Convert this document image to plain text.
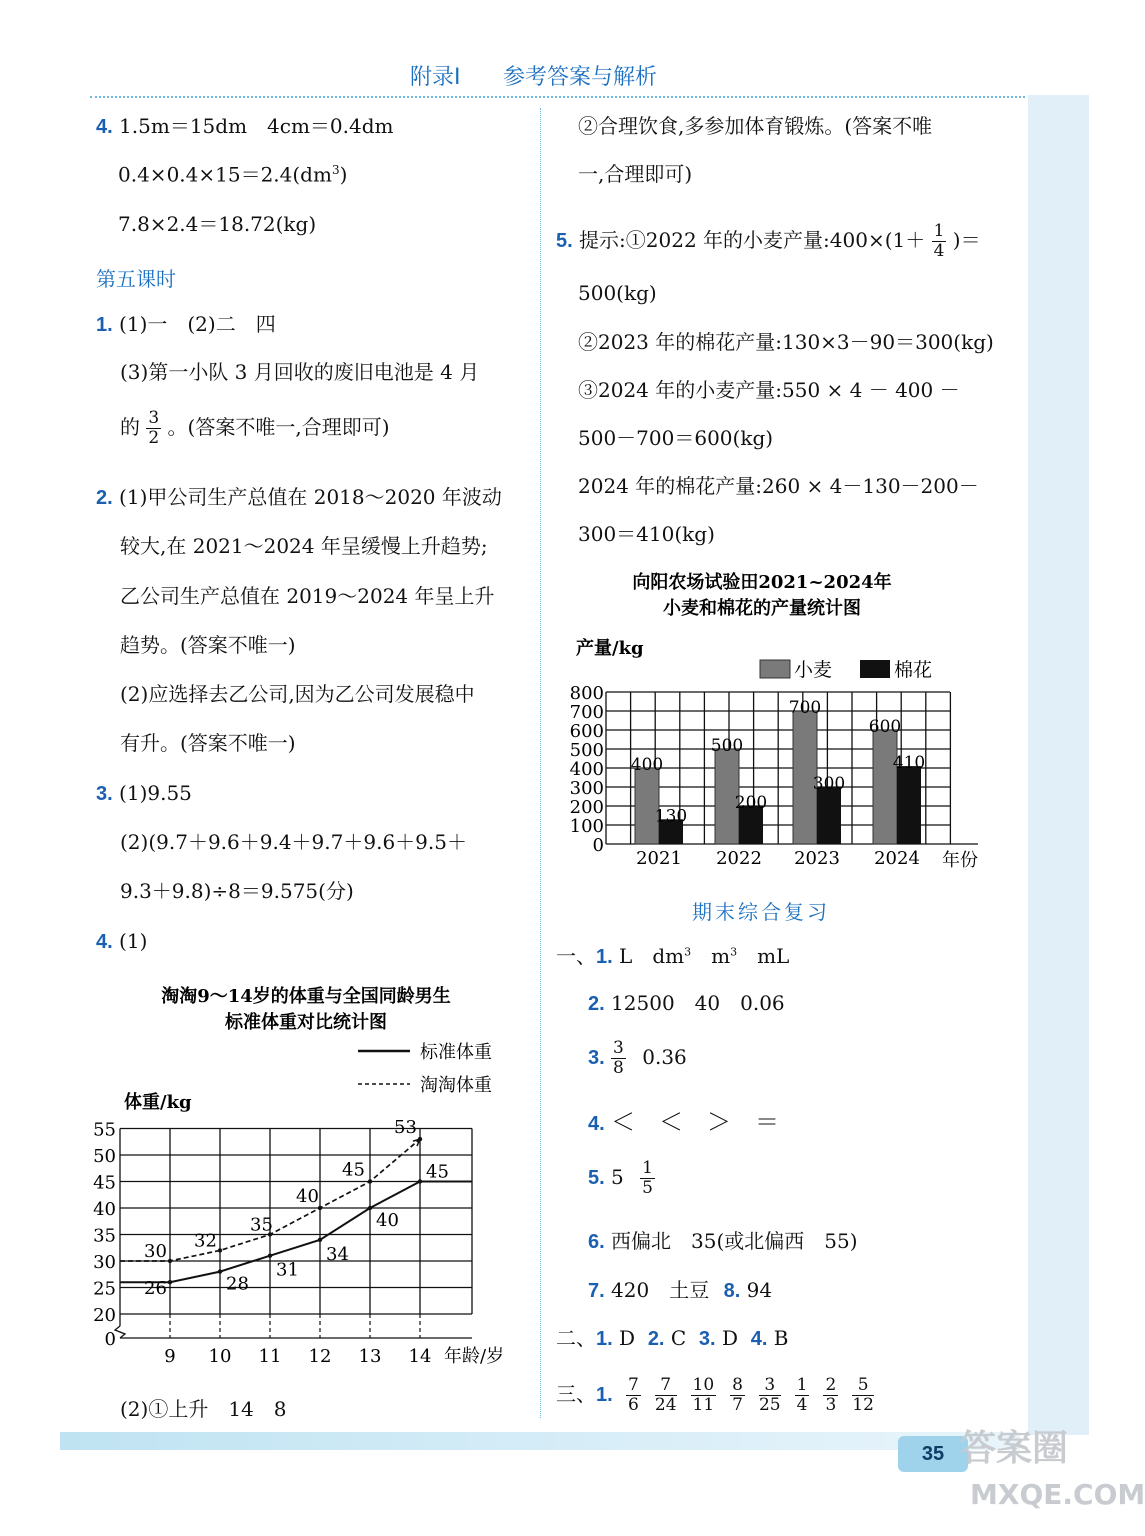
附录Ⅰ 参考答案与解析
4. 1.5m＝15dm　4cm＝0.4dm
$0.4\times 0.4\times 15=2.4(dm^3)$
7.8×2.4＝18.72(kg)
第五课时
1. (1)一　(2)二　四
(3)第一小队 3 月回收的废旧电池是 4 月
的 $\frac{3}{2}$ 。(答案不唯一,合理即可)
2. (1)甲公司生产总值在 2018～2020 年波动
较大,在 2021～2024 年呈缓慢上升趋势;
乙公司生产总值在 2019～2024 年呈上升
趋势。(答案不唯一)
(2)应选择去乙公司,因为乙公司发展稳中
有升。(答案不唯一)
3. (1)9.55
(2)(9.7＋9.6＋9.4＋9.7＋9.6＋9.5＋
9.3＋9.8)÷8＝9.575(分)
4. (1)
淘淘9～14岁的体重与全国同龄男生
标准体重对比统计图
标准体重
淘淘体重
体重/kg
年龄/岁
55
50
45
40
35
30
25
20
0
9 10 11 12 13 14
26	28
31
34
40
45
30
32
35
40
45
53
(2)①上升　14　8
②合理饮食,多参加体育锻炼。(答案不唯
一,合理即可)
5. 提示:①2022 年的小麦产量:400×(1＋ $\frac{1}{4}$ )＝
500(kg)
②2023 年的棉花产量:130×3－90＝300(kg)
③2024 年的小麦产量:550 × 4 － 400 －
500－700＝600(kg)
2024 年的棉花产量:260 × 4－130－200－
300＝410(kg)
向阳农场试验田2021~2024年
小麦和棉花的产量统计图
产量/kg
小麦	棉花
年份
800
700
600
500
400
300
200
100
0
400
130
2021
500
200
2022
700
300
2023
600
410
2024
期末综合复习
一、1. L　$dm^3$　$m^3$　mL
2. 12500　40　0.06
3. $\frac{3}{8} 0.36$
4. ＜　＜　＞　＝
5. $5 \frac{1}{5}$
6. 西偏北　35(或北偏西　55)
7. 420　土豆 8. 94
二、1. D 2. C 3. D 4. B
三、1. $\frac{7}{6} \frac{7}{24} \frac{10}{11} \frac{8}{7} \frac{3}{25} \frac{1}{4} \frac{2}{3} \frac{5}{12}$
35 答案圈
MXQE.COM
